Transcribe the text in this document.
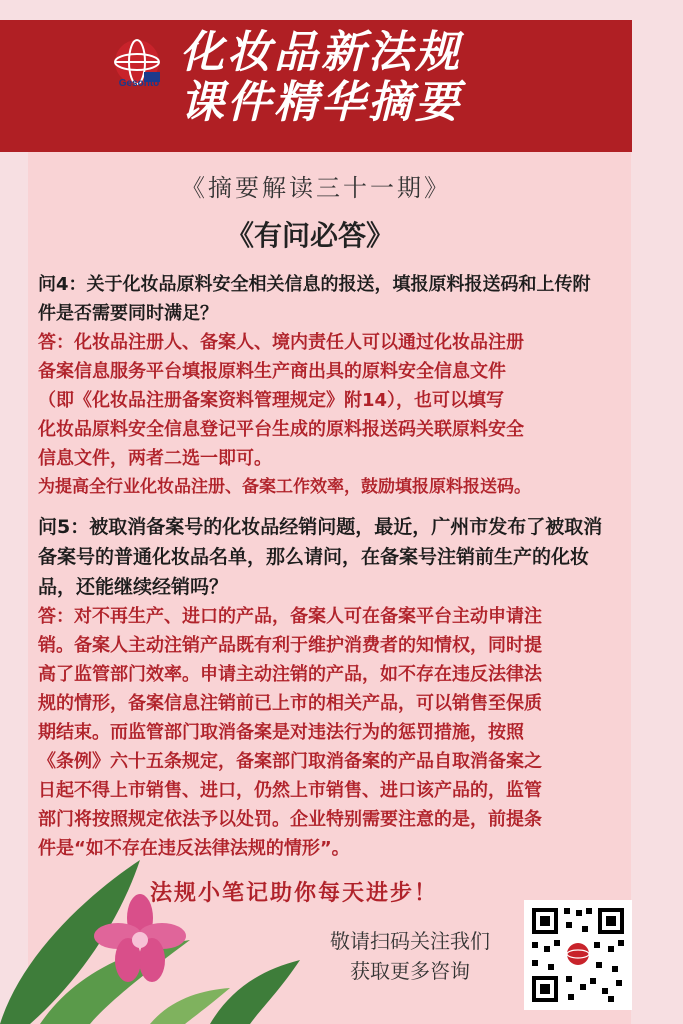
Gesonto
化妆品新法规
课件精华摘要
《摘要解读三十一期》
《有问必答》
问4：关于化妆品原料安全相关信息的报送，填报原料报送码和上传附件是否需要同时满足？
答：化妆品注册人、备案人、境内责任人可以通过化妆品注册
备案信息服务平台填报原料生产商出具的原料安全信息文件
（即《化妆品注册备案资料管理规定》附14），也可以填写
化妆品原料安全信息登记平台生成的原料报送码关联原料安全
信息文件，两者二选一即可。
为提高全行业化妆品注册、备案工作效率，鼓励填报原料报送码。
问5：被取消备案号的化妆品经销问题，最近，广州市发布了被取消备案号的普通化妆品名单，那么请问，在备案号注销前生产的化妆品，还能继续经销吗？
答：对不再生产、进口的产品，备案人可在备案平台主动申请注
销。备案人主动注销产品既有利于维护消费者的知情权，同时提
高了监管部门效率。申请主动注销的产品，如不存在违反法律法
规的情形，备案信息注销前已上市的相关产品，可以销售至保质
期结束。而监管部门取消备案是对违法行为的惩罚措施，按照
《条例》六十五条规定，备案部门取消备案的产品自取消备案之
日起不得上市销售、进口，仍然上市销售、进口该产品的，监管
部门将按照规定依法予以处罚。企业特别需要注意的是，前提条
件是“如不存在违反法律法规的情形”。
法规小笔记助你每天进步！
敬请扫码关注我们
获取更多咨询
